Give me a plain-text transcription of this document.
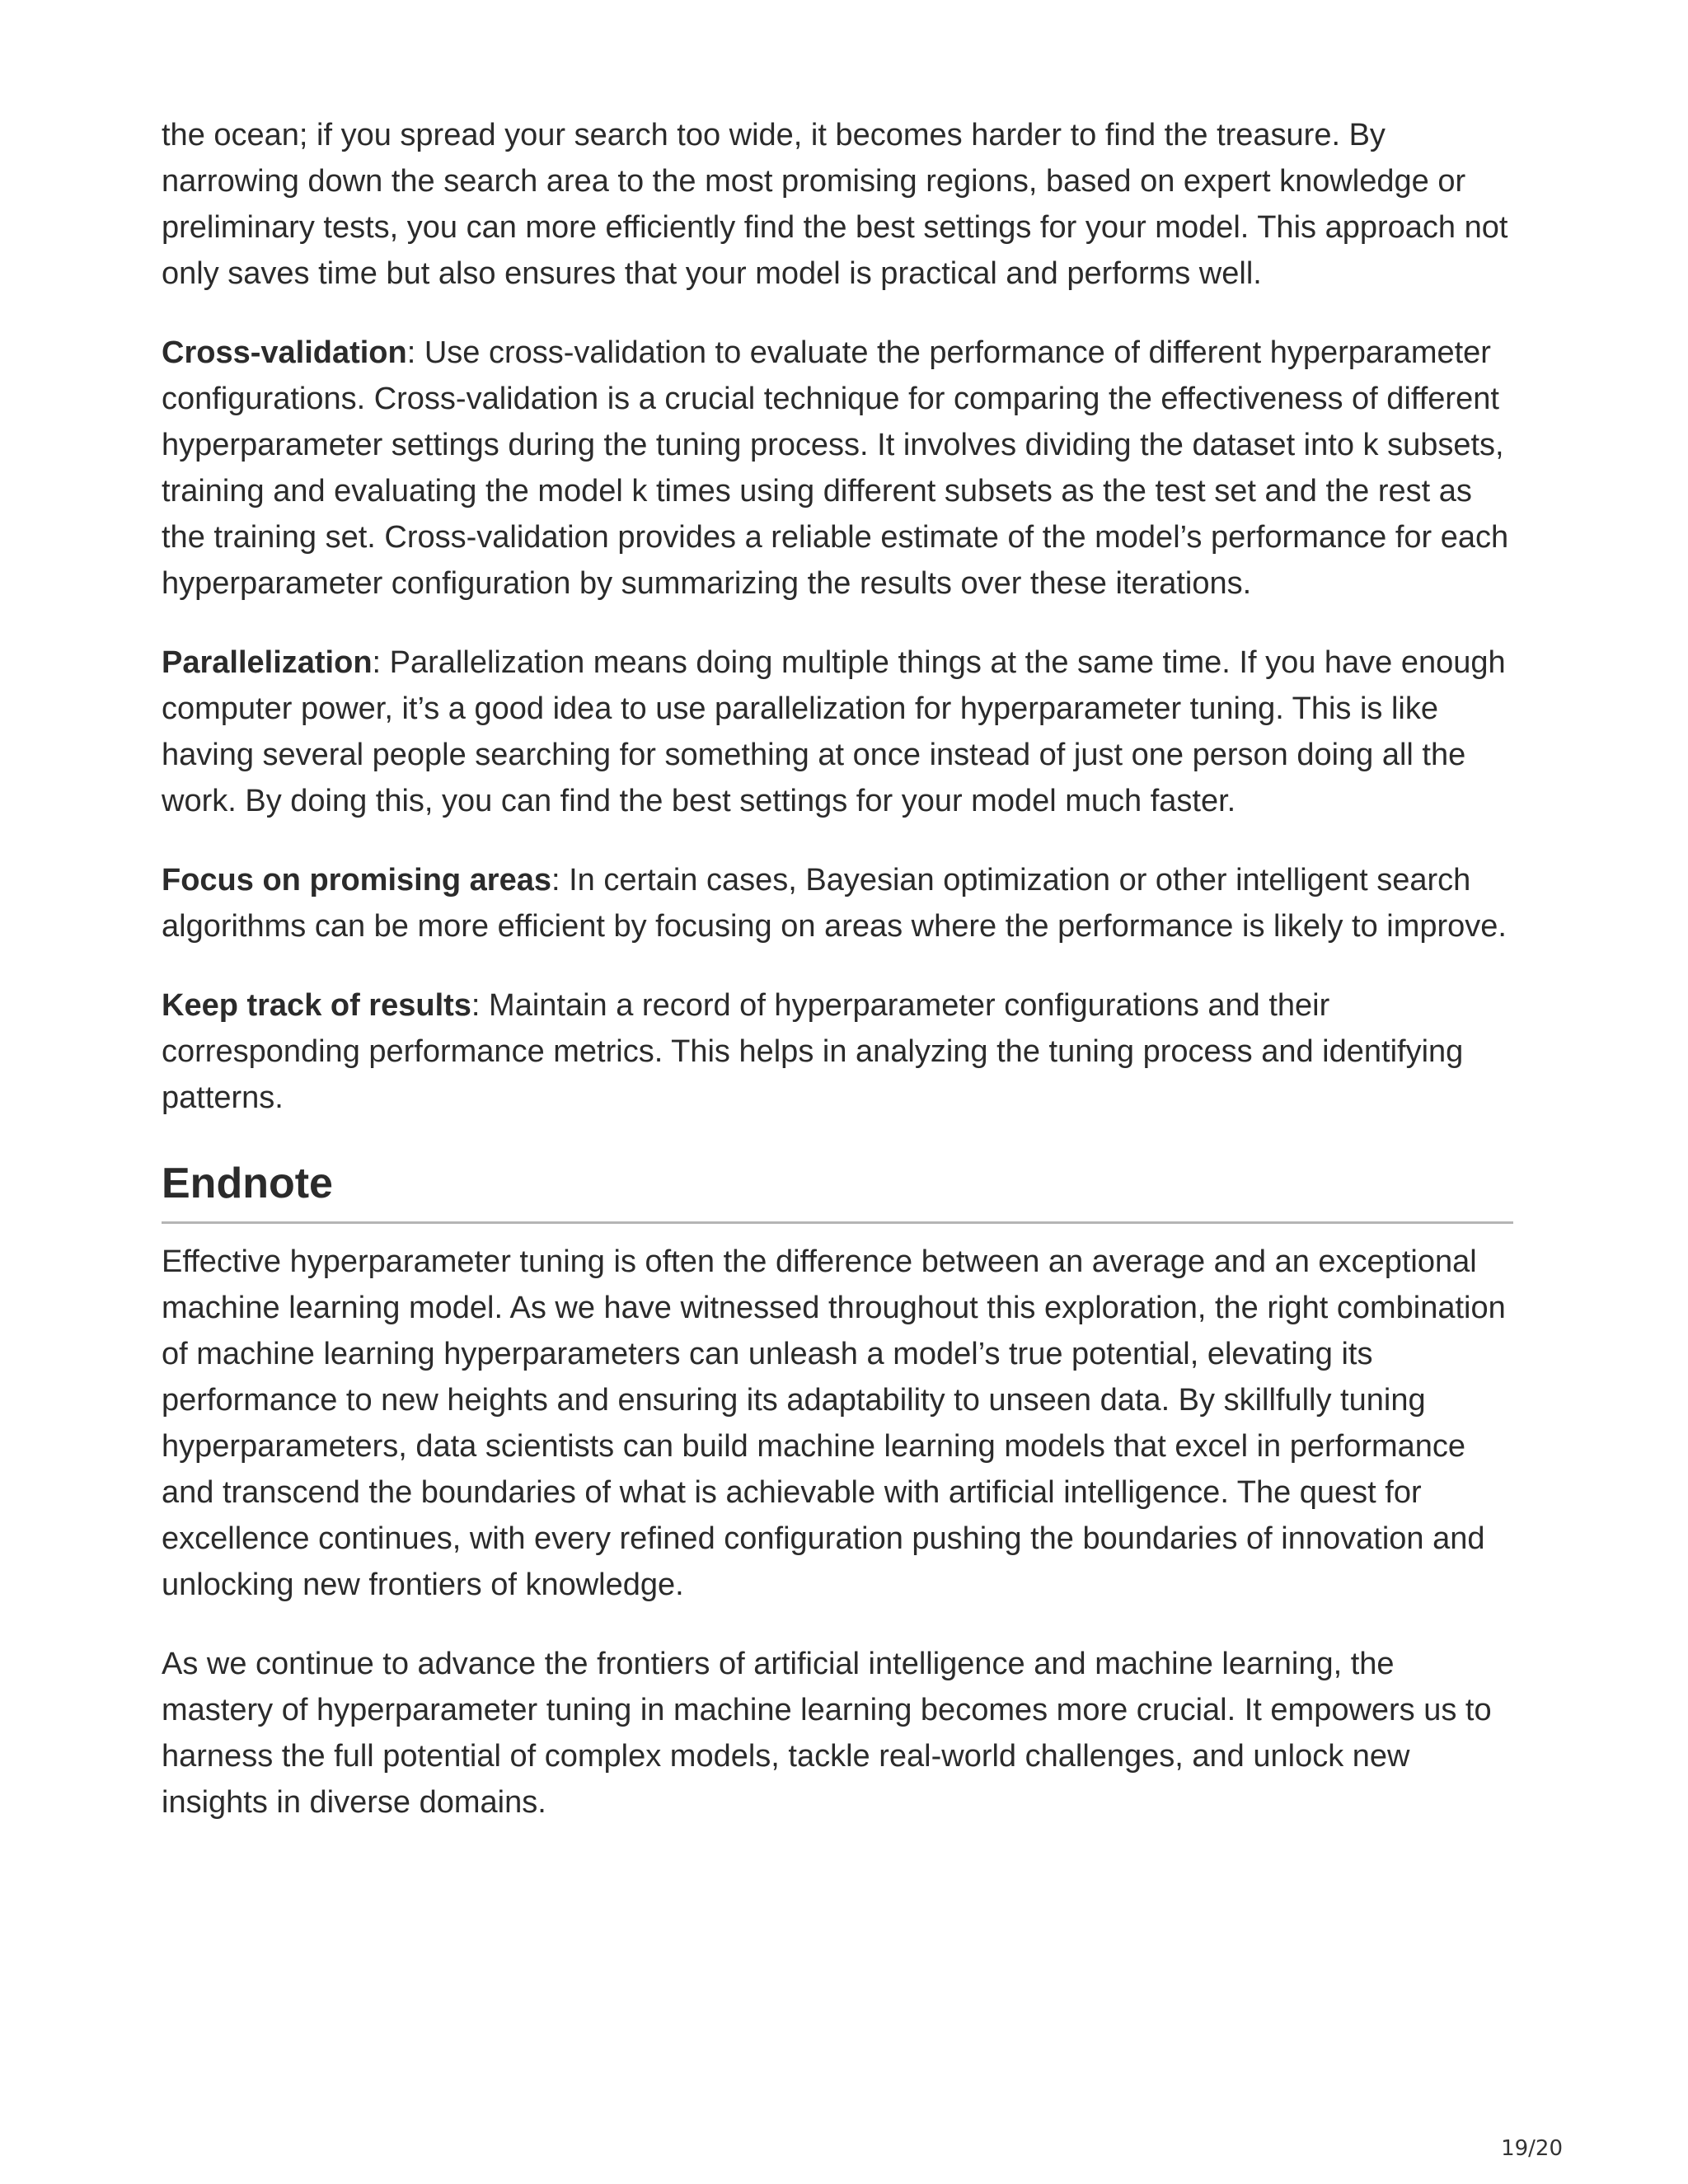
the ocean; if you spread your search too wide, it becomes harder to find the treasure. By narrowing down the search area to the most promising regions, based on expert knowledge or preliminary tests, you can more efficiently find the best settings for your model. This approach not only saves time but also ensures that your model is practical and performs well.

Cross-validation: Use cross-validation to evaluate the performance of different hyperparameter configurations. Cross-validation is a crucial technique for comparing the effectiveness of different hyperparameter settings during the tuning process. It involves dividing the dataset into k subsets, training and evaluating the model k times using different subsets as the test set and the rest as the training set. Cross-validation provides a reliable estimate of the model’s performance for each hyperparameter configuration by summarizing the results over these iterations.

Parallelization: Parallelization means doing multiple things at the same time. If you have enough computer power, it’s a good idea to use parallelization for hyperparameter tuning. This is like having several people searching for something at once instead of just one person doing all the work. By doing this, you can find the best settings for your model much faster.

Focus on promising areas: In certain cases, Bayesian optimization or other intelligent search algorithms can be more efficient by focusing on areas where the performance is likely to improve.

Keep track of results: Maintain a record of hyperparameter configurations and their corresponding performance metrics. This helps in analyzing the tuning process and identifying patterns.

Endnote

Effective hyperparameter tuning is often the difference between an average and an exceptional machine learning model. As we have witnessed throughout this exploration, the right combination of machine learning hyperparameters can unleash a model’s true potential, elevating its performance to new heights and ensuring its adaptability to unseen data. By skillfully tuning hyperparameters, data scientists can build machine learning models that excel in performance and transcend the boundaries of what is achievable with artificial intelligence. The quest for excellence continues, with every refined configuration pushing the boundaries of innovation and unlocking new frontiers of knowledge.

As we continue to advance the frontiers of artificial intelligence and machine learning, the mastery of hyperparameter tuning in machine learning becomes more crucial. It empowers us to harness the full potential of complex models, tackle real-world challenges, and unlock new insights in diverse domains.

19/20
